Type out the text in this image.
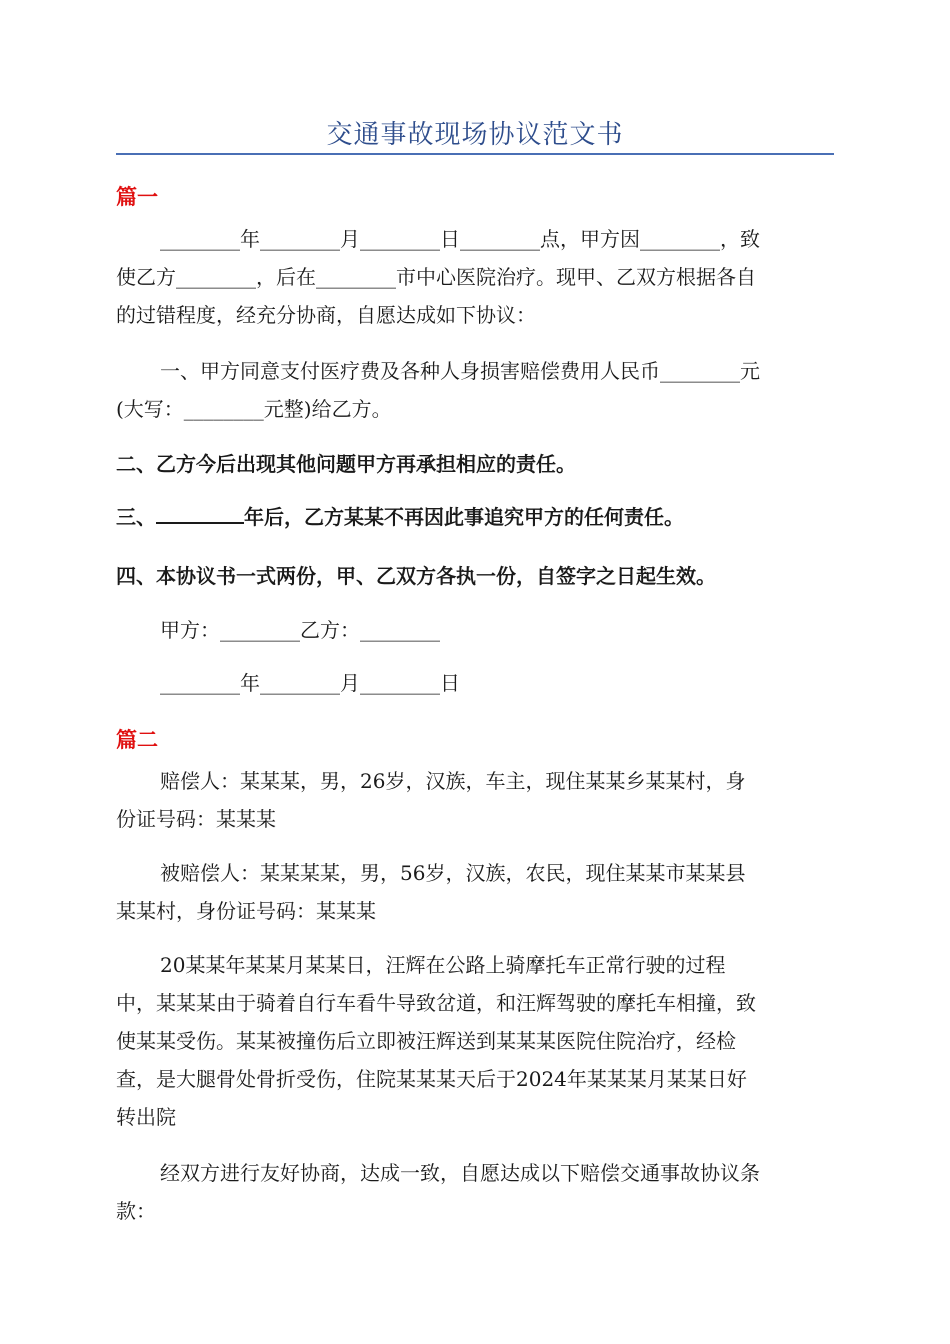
交通事故现场协议范文书
篇一
________年________月________日________点，甲方因________，致
使乙方________，后在________市中心医院治疗。现甲、乙双方根据各自
的过错程度，经充分协商，自愿达成如下协议：
一、甲方同意支付医疗费及各种人身损害赔偿费用人民币________元
(大写：________元整)给乙方。
二、乙方今后出现其他问题甲方再承担相应的责任。
三、	年后，乙方某某不再因此事追究甲方的任何责任。
四、本协议书一式两份，甲、乙双方各执一份，自签字之日起生效。
甲方：________乙方：________
________年________月________日
篇二
赔偿人：某某某，男，26岁，汉族，车主，现住某某乡某某村，身
份证号码：某某某
被赔偿人：某某某某，男，56岁，汉族，农民，现住某某市某某县
某某村，身份证号码：某某某
20某某年某某月某某日，汪辉在公路上骑摩托车正常行驶的过程
中，某某某由于骑着自行车看牛导致岔道，和汪辉驾驶的摩托车相撞，致
使某某受伤。某某被撞伤后立即被汪辉送到某某某医院住院治疗，经检
查，是大腿骨处骨折受伤，住院某某某天后于2024年某某某月某某日好
转出院
经双方进行友好协商，达成一致，自愿达成以下赔偿交通事故协议条
款：
